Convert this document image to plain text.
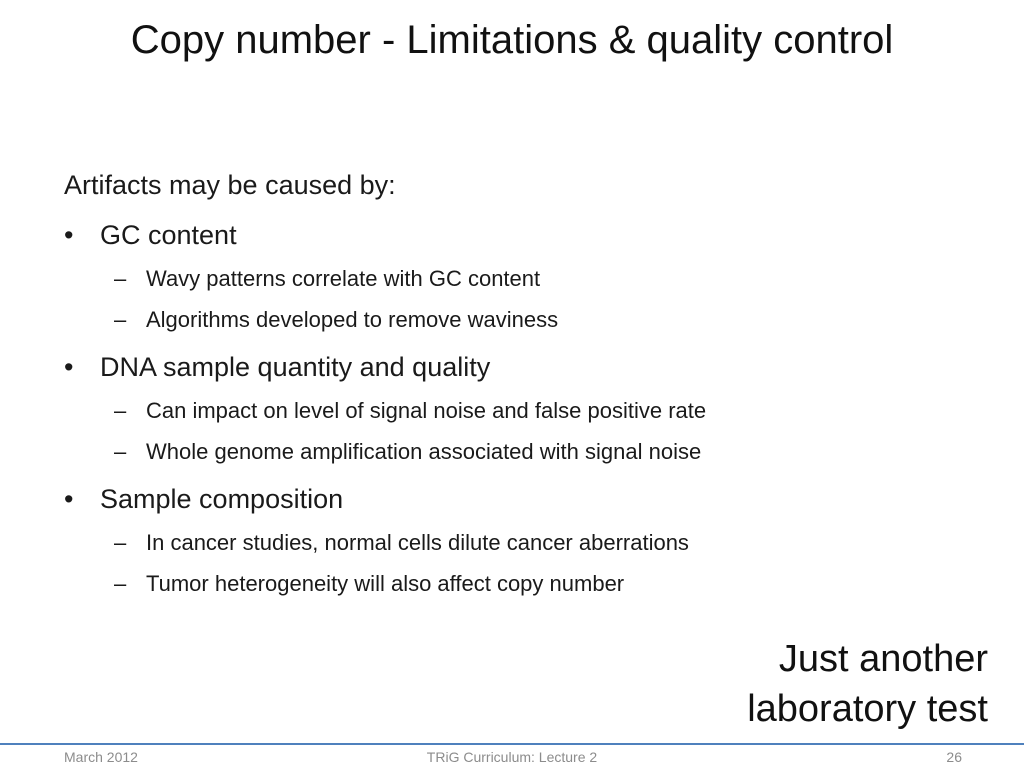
Copy number - Limitations & quality control
Artifacts may be caused by:
• GC content
– Wavy patterns correlate with GC content
– Algorithms developed to remove waviness
• DNA sample quantity and quality
– Can impact on level of signal noise and false positive rate
– Whole genome amplification associated with signal noise
• Sample composition
– In cancer studies, normal cells dilute cancer aberrations
– Tumor heterogeneity will also affect copy number
Just another
laboratory test
March 2012	TRiG Curriculum: Lecture 2	26
